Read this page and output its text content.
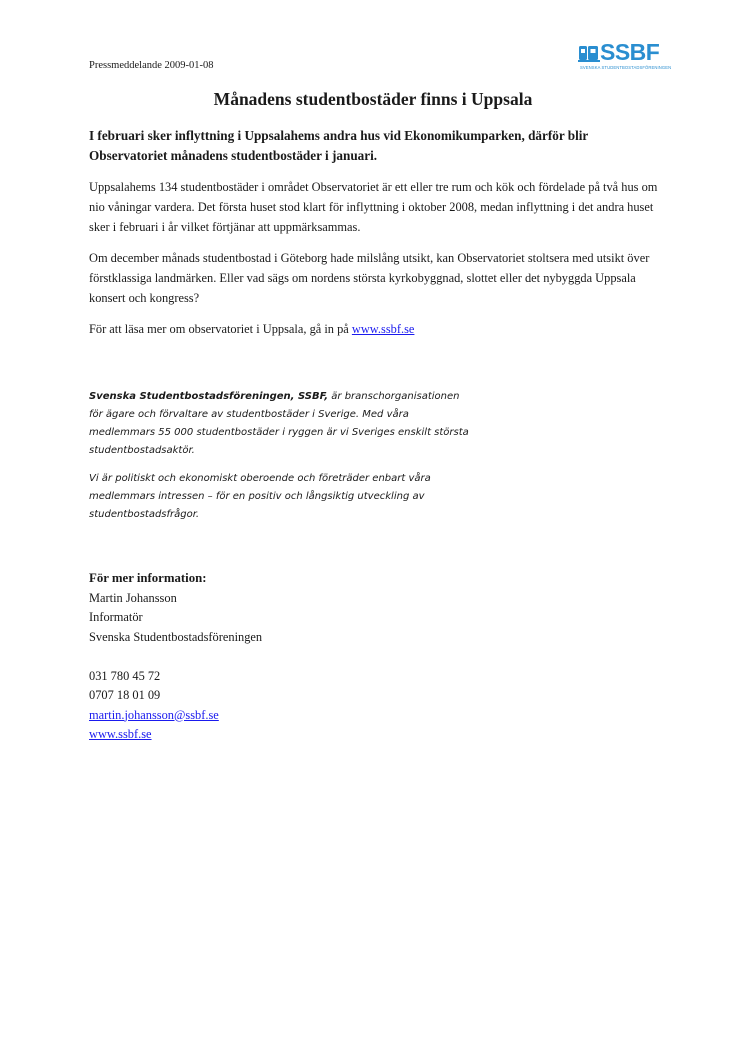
Pressmeddelande 2009-01-08
SSBF
SVENSKA STUDENTBOSTADSFÖRENINGEN
Månadens studentbostäder finns i Uppsala

I februari sker inflyttning i Uppsalahems andra hus vid Ekonomikumparken, därför blir Observatoriet månadens studentbostäder i januari.

Uppsalahems 134 studentbostäder i området Observatoriet är ett eller tre rum och kök och fördelade på två hus om nio våningar vardera. Det första huset stod klart för inflyttning i oktober 2008, medan inflyttning i det andra huset sker i februari i år vilket förtjänar att uppmärksammas.

Om december månads studentbostad i Göteborg hade milslång utsikt, kan Observatoriet stoltsera med utsikt över förstklassiga landmärken. Eller vad sägs om nordens största kyrkobyggnad, slottet eller det nybyggda Uppsala konsert och kongress?

För att läsa mer om observatoriet i Uppsala, gå in på www.ssbf.se

Svenska Studentbostadsföreningen, SSBF, är branschorganisationen för ägare och förvaltare av studentbostäder i Sverige. Med våra medlemmars 55 000 studentbostäder i ryggen är vi Sveriges enskilt största studentbostadsaktör.

Vi är politiskt och ekonomiskt oberoende och företräder enbart våra medlemmars intressen – för en positiv och långsiktig utveckling av studentbostadsfrågor.

För mer information:
Martin Johansson
Informatör
Svenska Studentbostadsföreningen
031 780 45 72
0707 18 01 09
martin.johansson@ssbf.se
www.ssbf.se
